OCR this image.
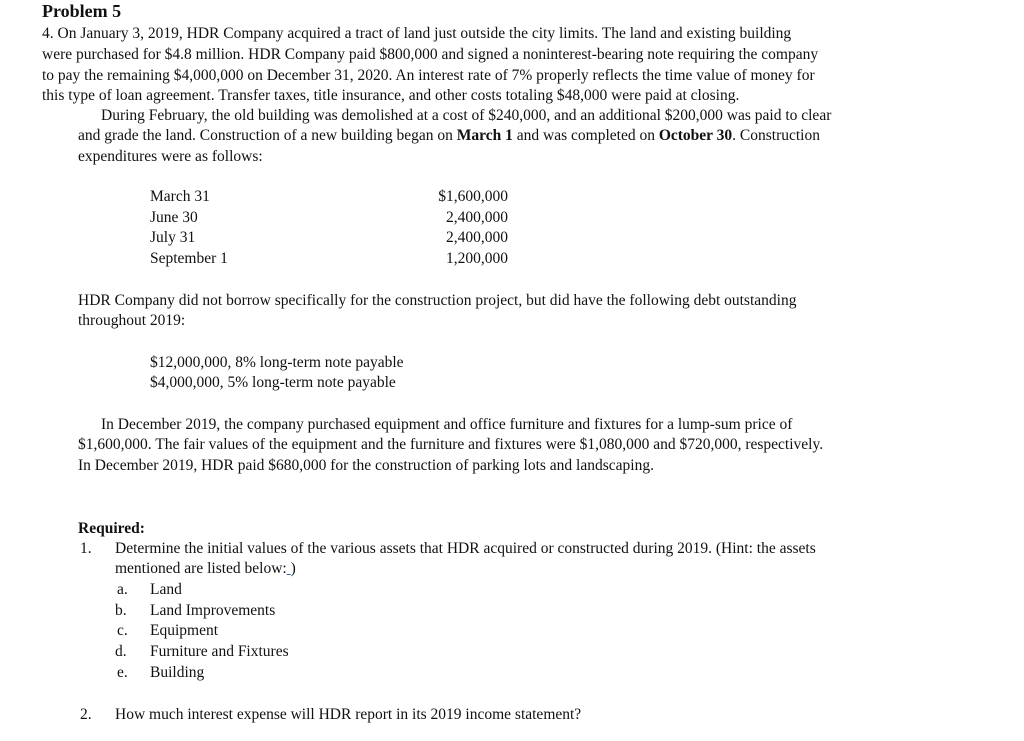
Problem 5
4. On January 3, 2019, HDR Company acquired a tract of land just outside the city limits. The land and existing building
were purchased for $4.8 million. HDR Company paid $800,000 and signed a noninterest-bearing note requiring the company
to pay the remaining $4,000,000 on December 31, 2020. An interest rate of 7% properly reflects the time value of money for
this type of loan agreement. Transfer taxes, title insurance, and other costs totaling $48,000 were paid at closing.
During February, the old building was demolished at a cost of $240,000, and an additional $200,000 was paid to clear
and grade the land. Construction of a new building began on March 1 and was completed on October 30. Construction
expenditures were as follows:
March 31	$1,600,000
June 30	2,400,000
July 31	2,400,000
September 1	1,200,000
HDR Company did not borrow specifically for the construction project, but did have the following debt outstanding
throughout 2019:
$12,000,000, 8% long-term note payable
$4,000,000, 5% long-term note payable
In December 2019, the company purchased equipment and office furniture and fixtures for a lump-sum price of
$1,600,000. The fair values of the equipment and the furniture and fixtures were $1,080,000 and $720,000, respectively.
In December 2019, HDR paid $680,000 for the construction of parking lots and landscaping.
Required:
1. Determine the initial values of the various assets that HDR acquired or constructed during 2019. (Hint: the assets
mentioned are listed below: )
a. Land
b. Land Improvements
c. Equipment
d. Furniture and Fixtures
e. Building
2. How much interest expense will HDR report in its 2019 income statement?
